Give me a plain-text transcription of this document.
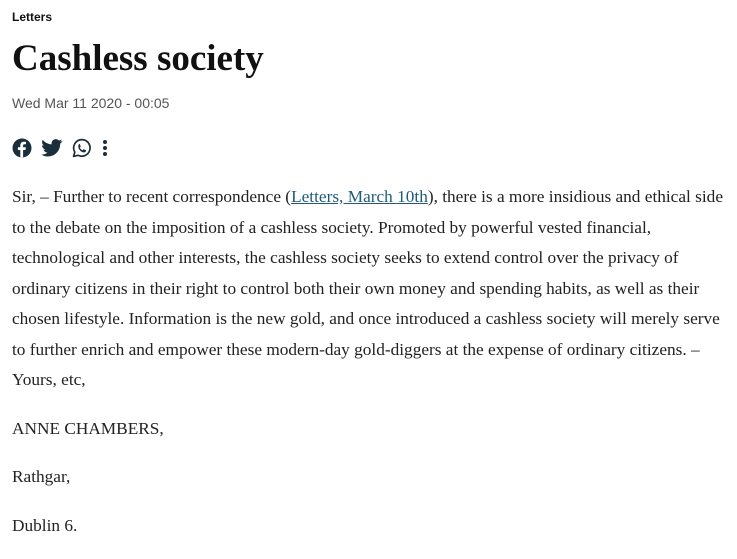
Letters
Cashless society
Wed Mar 11 2020 - 00:05

Sir, – Further to recent correspondence (Letters, March 10th), there is a more insidious and ethical side to the debate on the imposition of a cashless society. Promoted by powerful vested financial, technological and other interests, the cashless society seeks to extend control over the privacy of ordinary citizens in their right to control both their own money and spending habits, as well as their chosen lifestyle. Information is the new gold, and once introduced a cashless society will merely serve to further enrich and empower these modern-day gold-diggers at the expense of ordinary citizens. – Yours, etc,

ANNE CHAMBERS,

Rathgar,

Dublin 6.
